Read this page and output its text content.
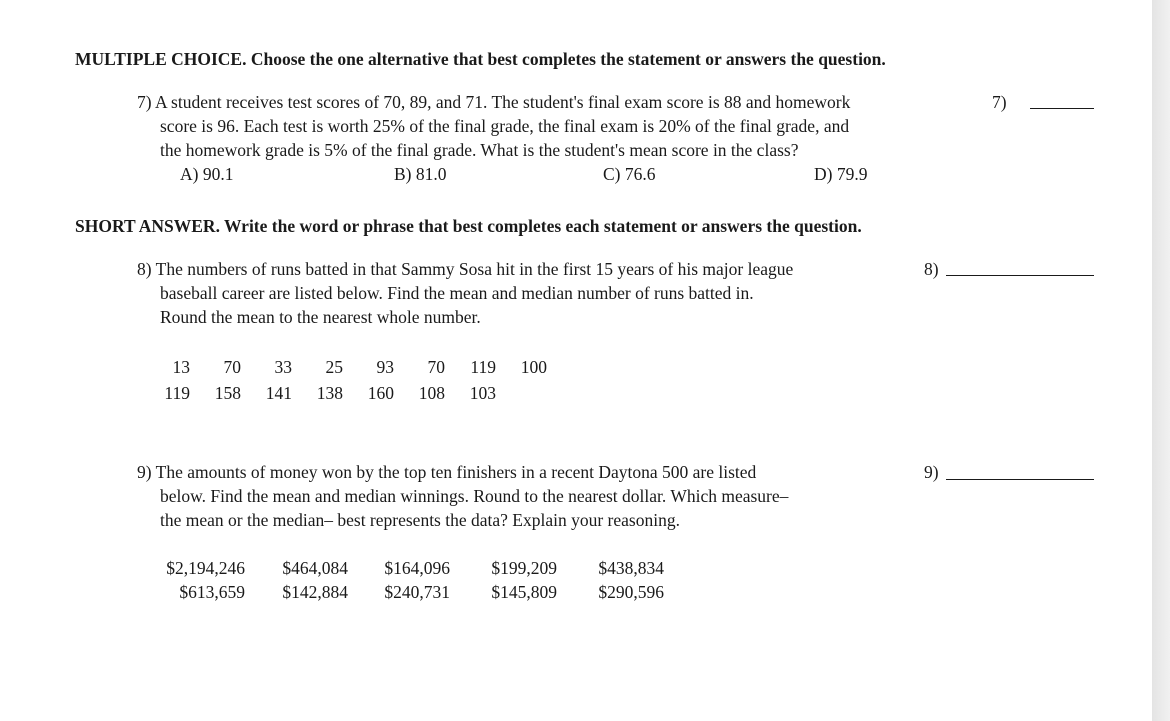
MULTIPLE CHOICE. Choose the one alternative that best completes the statement or answers the question.
7) A student receives test scores of 70, 89, and 71. The student's final exam score is 88 and homework
score is 96. Each test is worth 25% of the final grade, the final exam is 20% of the final grade, and
the homework grade is 5% of the final grade. What is the student's mean score in the class?
A) 90.1	B) 81.0	C) 76.6	D) 79.9
7)
SHORT ANSWER. Write the word or phrase that best completes each statement or answers the question.
8) The numbers of runs batted in that Sammy Sosa hit in the first 15 years of his major league
baseball career are listed below. Find the mean and median number of runs batted in.
Round the mean to the nearest whole number.
8)
13	70	33	25	93	70	119	100
119	158	141	138	160	108	103
9) The amounts of money won by the top ten finishers in a recent Daytona 500 are listed
below. Find the mean and median winnings. Round to the nearest dollar. Which measure–
the mean or the median– best represents the data? Explain your reasoning.
9)
$2,194,246	$464,084	$164,096	$199,209	$438,834
$613,659	$142,884	$240,731	$145,809	$290,596
